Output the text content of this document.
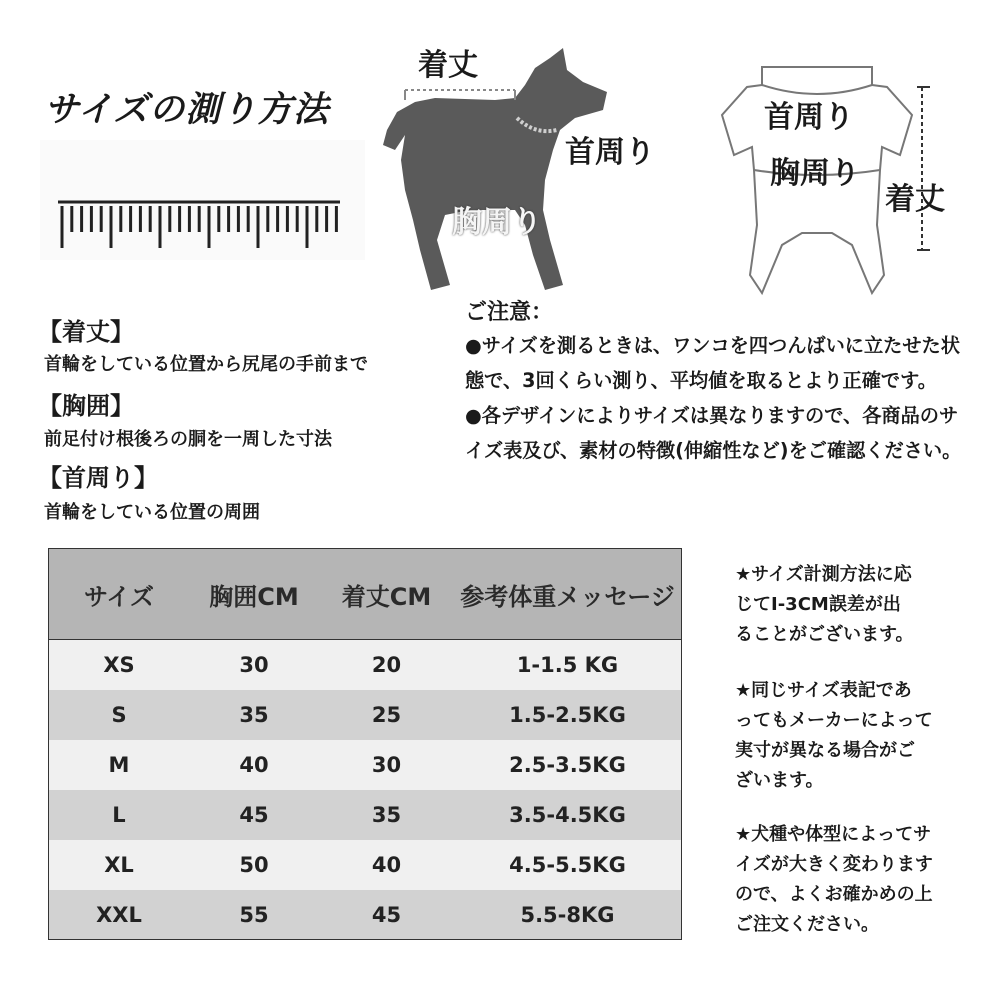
サイズの測り方法
着丈
首周り
胸周り
首周り
胸周り
着丈
【着丈】
首輪をしている位置から尻尾の手前まで
【胸囲】
前足付け根後ろの胴を一周した寸法
【首周り】
首輪をしている位置の周囲
ご注意：

●サイズを測るときは、ワンコを四つんばいに立たせた状態で、3回くらい測り、平均値を取るとより正確です。

●各デザインによりサイズは異なりますので、各商品のサイズ表及び、素材の特徴(伸縮性など)をご確認ください。

サイズ	胸囲CM	着丈CM	参考体重メッセージ
XS	30	20	1-1.5 KG
S	35	25	1.5-2.5KG
M	40	30	2.5-3.5KG
L	45	35	3.5-4.5KG
XL	50	40	4.5-5.5KG
XXL	55	45	5.5-8KG

★サイズ計測方法に応

じてI-3CM誤差が出

ることがございます。

★同じサイズ表記であ

ってもメーカーによって

実寸が異なる場合がご

ざいます。

★犬種や体型によってサ

イズが大きく変わります

ので、よくお確かめの上

ご注文ください。
